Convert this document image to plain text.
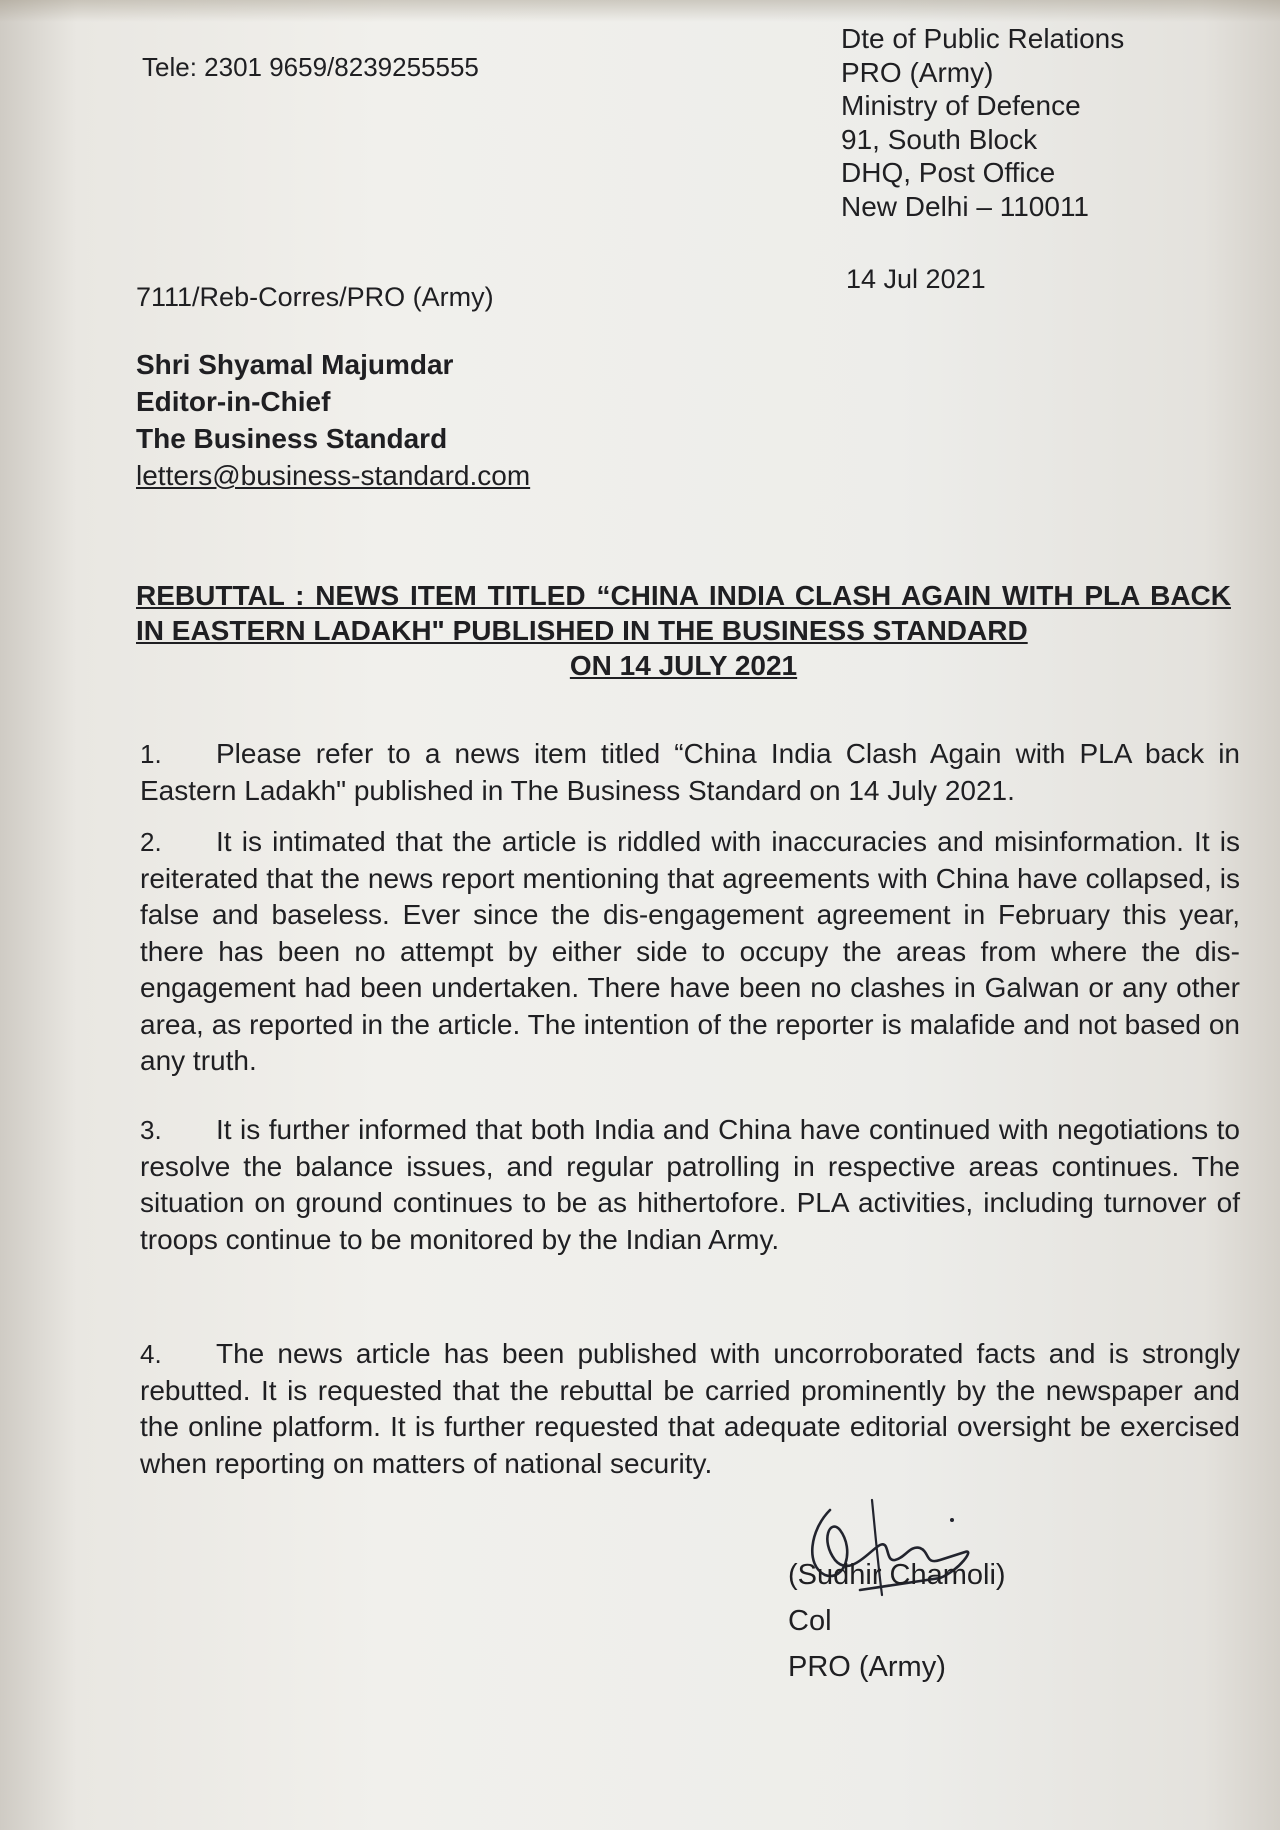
Tele: 2301 9659/8239255555
Dte of Public Relations
PRO (Army)
Ministry of Defence
91, South Block
DHQ, Post Office
New Delhi – 110011
7111/Reb-Corres/PRO (Army)
14 Jul 2021
Shri Shyamal Majumdar
Editor-in-Chief
The Business Standard
letters@business-standard.com
REBUTTAL : NEWS ITEM TITLED “CHINA INDIA CLASH AGAIN WITH PLA BACK IN EASTERN LADAKH" PUBLISHED IN THE BUSINESS STANDARD
ON 14 JULY 2021
1. Please refer to a news item titled “China India Clash Again with PLA back in Eastern Ladakh" published in The Business Standard on 14 July 2021.
2. It is intimated that the article is riddled with inaccuracies and misinformation. It is reiterated that the news report mentioning that agreements with China have collapsed, is false and baseless. Ever since the dis-engagement agreement in February this year, there has been no attempt by either side to occupy the areas from where the dis-engagement had been undertaken. There have been no clashes in Galwan or any other area, as reported in the article. The intention of the reporter is malafide and not based on any truth.
3. It is further informed that both India and China have continued with negotiations to resolve the balance issues, and regular patrolling in respective areas continues. The situation on ground continues to be as hithertofore. PLA activities, including turnover of troops continue to be monitored by the Indian Army.
4. The news article has been published with uncorroborated facts and is strongly rebutted. It is requested that the rebuttal be carried prominently by the newspaper and the online platform. It is further requested that adequate editorial oversight be exercised when reporting on matters of national security.
(Sudhir Chamoli)
Col
PRO (Army)
